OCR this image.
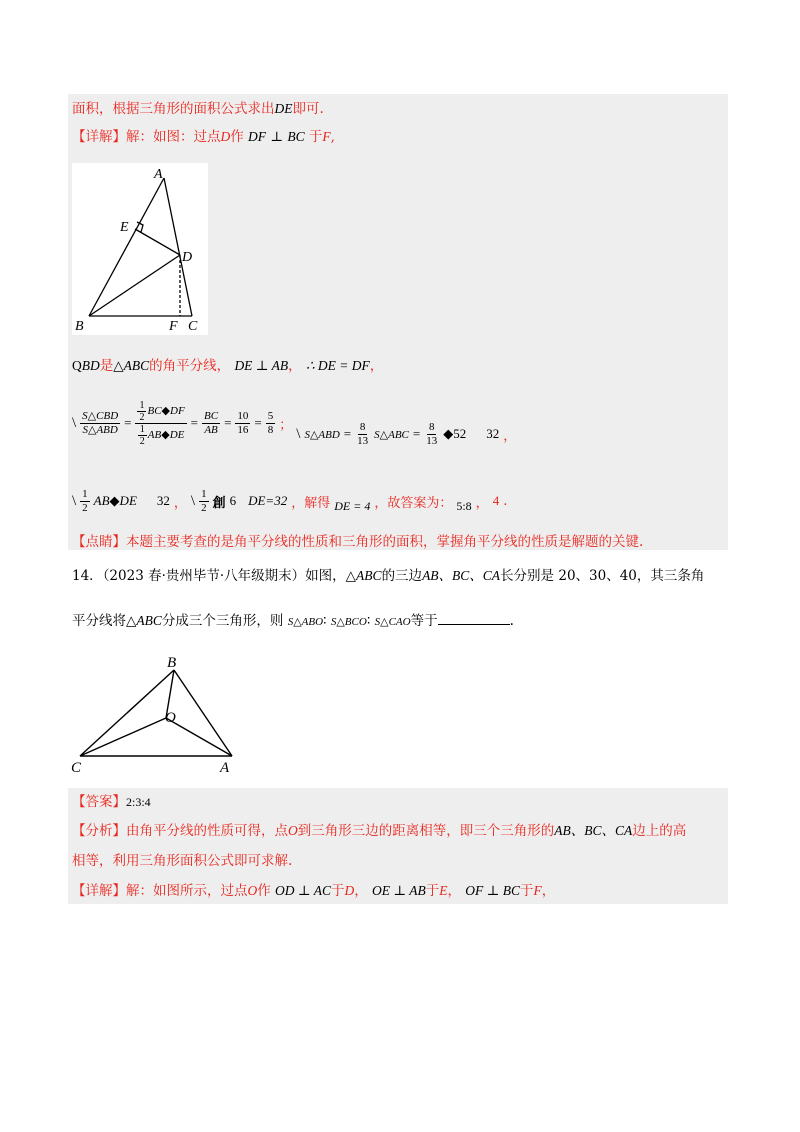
面积，根据三角形的面积公式求出DE即可.
【详解】解：如图：过点D作 DF ⊥ BC 于F,
A
E
D
B	F C
QBD是△ABC的角平分线， DE ⊥ AB， ∴ DE = DF，
\ $\frac{\text{S△CBD}}{\text{S△ABD}} = \frac{\frac{1}{2} BC◆DF}{\frac{1}{2} AB◆DE} = \frac{BC}{AB} = \frac{10}{16} = \frac{5}{8}$ ；
\ S△ABD = $\frac{8}{13}$ S△ABC = $\frac{8}{13}$ ◆52 32 ，
\ $\frac{1}{2}$ AB◆DE 32 ， \ $\frac{1}{2}$ 創 6 DE=32 ，解得 DE = 4 ，故答案为： 5:8 ， 4 .
【点睛】本题主要考查的是角平分线的性质和三角形的面积，掌握角平分线的性质是解题的关键.
14．（2023 春·贵州毕节·八年级期末）如图，△ABC的三边AB、BC、CA长分别是 20、30、40，其三条角
平分线将△ABC分成三个三角形，则 S△ABO∶ S△BCO∶ S△CAO等于	.
B
O
C	A
【答案】2:3:4
【分析】由角平分线的性质可得，点O到三角形三边的距离相等，即三个三角形的AB、BC、CA边上的高
相等，利用三角形面积公式即可求解.
【详解】解：如图所示，过点O作 OD ⊥ AC于D， OE ⊥ AB于E， OF ⊥ BC于F，
